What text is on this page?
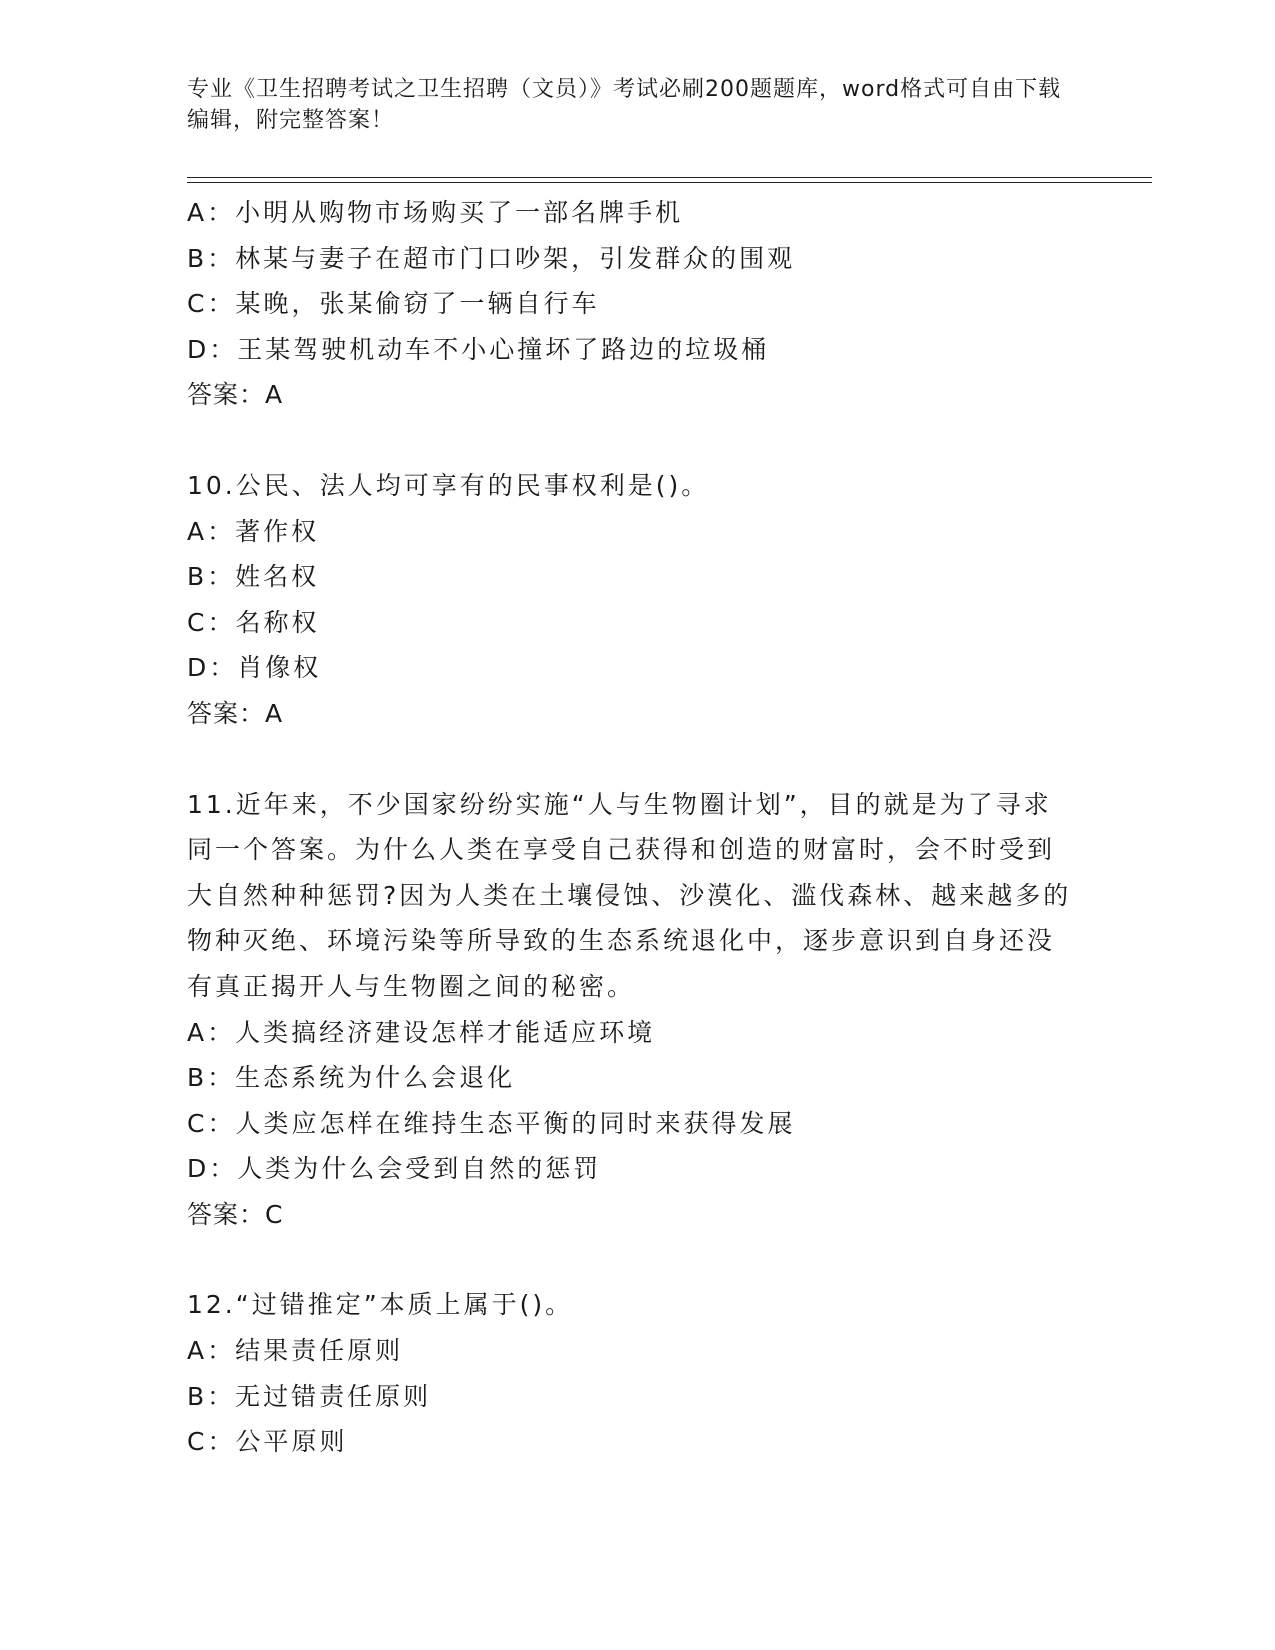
专业《卫生招聘考试之卫生招聘（文员）》考试必刷200题题库，word格式可自由下载编辑，附完整答案！
A：小明从购物市场购买了一部名牌手机
B：林某与妻子在超市门口吵架，引发群众的围观
C：某晚，张某偷窃了一辆自行车
D：王某驾驶机动车不小心撞坏了路边的垃圾桶
答案：A
10.公民、法人均可享有的民事权利是()。
A：著作权
B：姓名权
C：名称权
D：肖像权
答案：A
11.近年来，不少国家纷纷实施“人与生物圈计划”，目的就是为了寻求同一个答案。为什么人类在享受自己获得和创造的财富时，会不时受到大自然种种惩罚?因为人类在土壤侵蚀、沙漠化、滥伐森林、越来越多的物种灭绝、环境污染等所导致的生态系统退化中，逐步意识到自身还没有真正揭开人与生物圈之间的秘密。
A：人类搞经济建设怎样才能适应环境
B：生态系统为什么会退化
C：人类应怎样在维持生态平衡的同时来获得发展
D：人类为什么会受到自然的惩罚
答案：C
12.“过错推定”本质上属于()。
A：结果责任原则
B：无过错责任原则
C：公平原则
